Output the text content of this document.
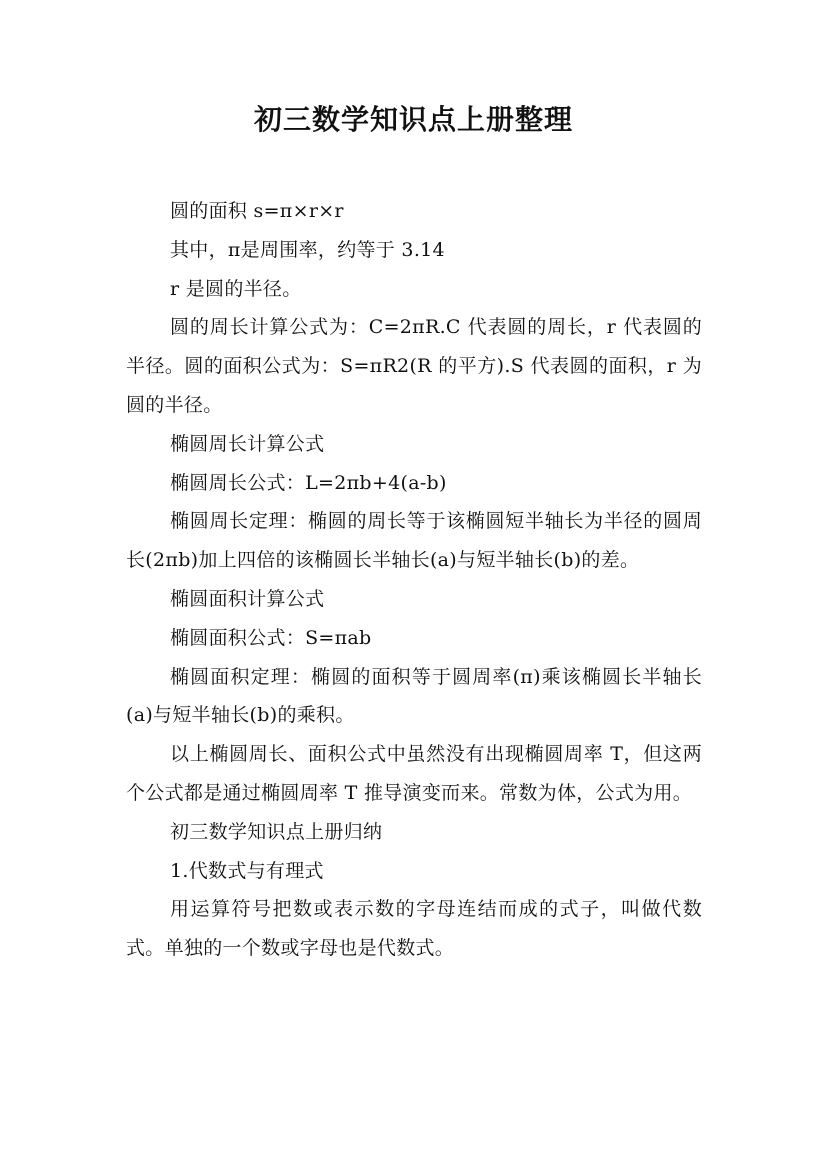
初三数学知识点上册整理

圆的面积 s=π×r×r

其中，π是周围率，约等于 3.14

r 是圆的半径。

圆的周长计算公式为：C=2πR.C 代表圆的周长，r 代表圆的半径。圆的面积公式为：S=πR2(R 的平方).S 代表圆的面积，r 为圆的半径。

椭圆周长计算公式

椭圆周长公式：L=2πb+4(a-b)

椭圆周长定理：椭圆的周长等于该椭圆短半轴长为半径的圆周长(2πb)加上四倍的该椭圆长半轴长(a)与短半轴长(b)的差。

椭圆面积计算公式

椭圆面积公式：S=πab

椭圆面积定理：椭圆的面积等于圆周率(π)乘该椭圆长半轴长(a)与短半轴长(b)的乘积。

以上椭圆周长、面积公式中虽然没有出现椭圆周率 T，但这两个公式都是通过椭圆周率 T 推导演变而来。常数为体，公式为用。

初三数学知识点上册归纳

1.代数式与有理式

用运算符号把数或表示数的字母连结而成的式子，叫做代数式。单独的一个数或字母也是代数式。
